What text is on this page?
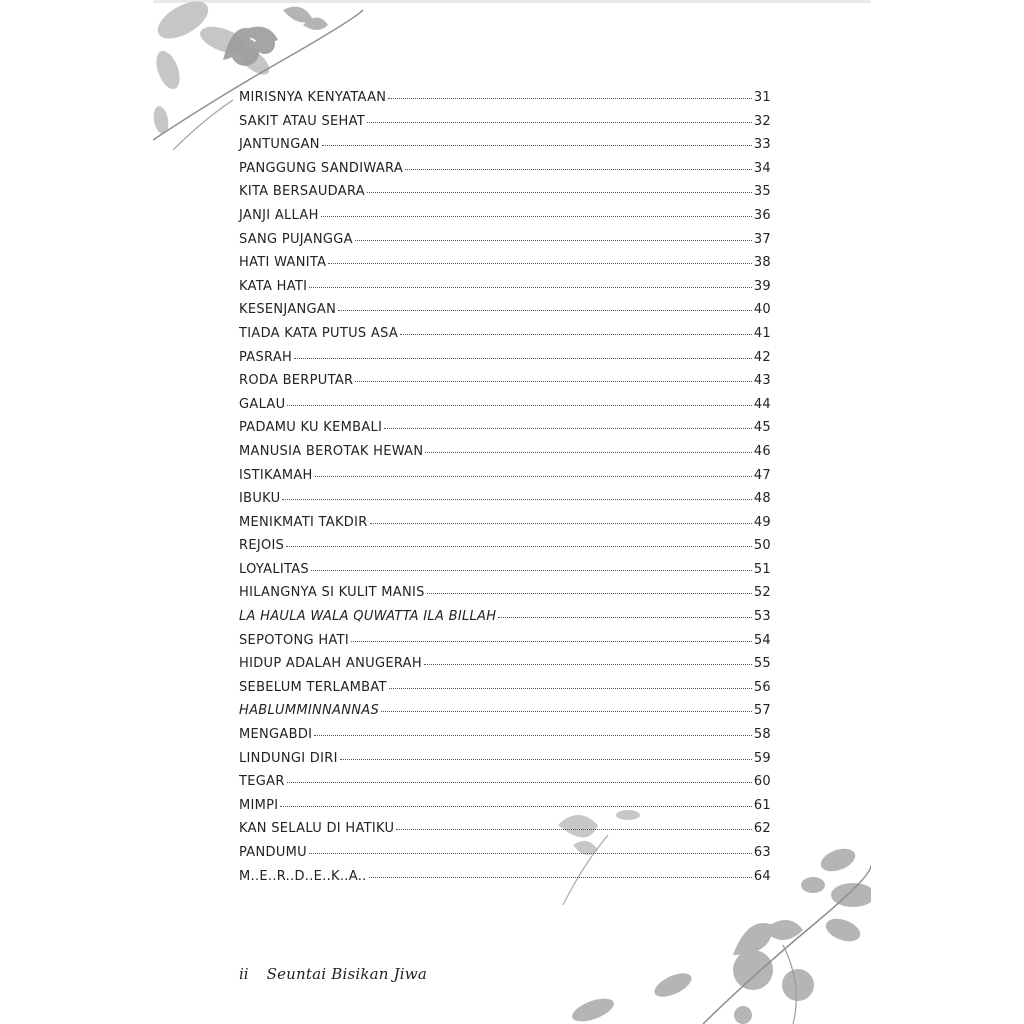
MIRISNYA KENYATAAN	31
SAKIT ATAU SEHAT	32
JANTUNGAN	33
PANGGUNG SANDIWARA	34
KITA BERSAUDARA	35
JANJI ALLAH	36
SANG PUJANGGA	37
HATI WANITA	38
KATA HATI	39
KESENJANGAN	40
TIADA KATA PUTUS ASA	41
PASRAH	42
RODA BERPUTAR	43
GALAU	44
PADAMU KU KEMBALI	45
MANUSIA BEROTAK HEWAN	46
ISTIKAMAH	47
IBUKU	48
MENIKMATI TAKDIR	49
REJOIS	50
LOYALITAS	51
HILANGNYA SI KULIT MANIS	52
LA HAULA WALA QUWATTA ILA BILLAH	53
SEPOTONG HATI	54
HIDUP ADALAH ANUGERAH	55
SEBELUM TERLAMBAT	56
HABLUMMINNANNAS	57
MENGABDI	58
LINDUNGI DIRI	59
TEGAR	60
MIMPI	61
KAN SELALU DI HATIKU	62
PANDUMU	63
M..E..R..D..E..K..A..	64
ii Seuntai Bisikan Jiwa
